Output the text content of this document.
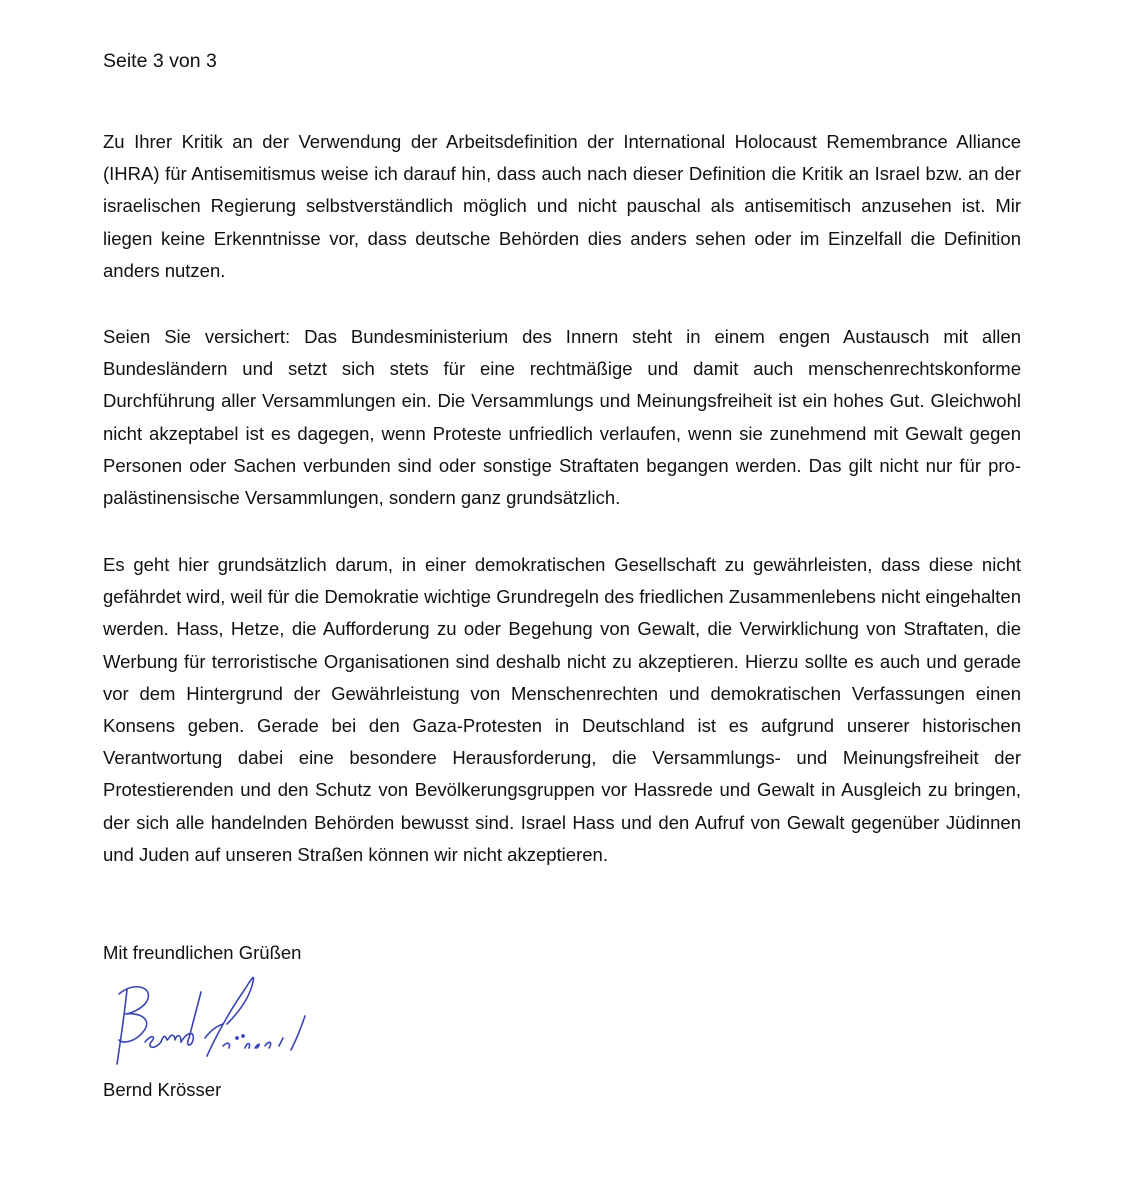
Seite 3 von 3

Zu Ihrer Kritik an der Verwendung der Arbeitsdefinition der International Holocaust Remembrance Alliance (IHRA) für Antisemitismus weise ich darauf hin, dass auch nach dieser Definition die Kritik an Israel bzw. an der israelischen Regierung selbstverständlich möglich und nicht pauschal als antisemitisch anzusehen ist. Mir liegen keine Erkenntnisse vor, dass deutsche Behörden dies anders sehen oder im Einzelfall die Definition anders nutzen.

Seien Sie versichert: Das Bundesministerium des Innern steht in einem engen Austausch mit allen Bundesländern und setzt sich stets für eine rechtmäßige und damit auch menschenrechtskonforme Durchführung aller Versammlungen ein. Die Versammlungs und Meinungsfreiheit ist ein hohes Gut. Gleichwohl nicht akzeptabel ist es dagegen, wenn Proteste unfriedlich verlaufen, wenn sie zunehmend mit Gewalt gegen Personen oder Sachen verbunden sind oder sonstige Straftaten begangen werden. Das gilt nicht nur für pro-palästinensische Versammlungen, sondern ganz grundsätzlich.

Es geht hier grundsätzlich darum, in einer demokratischen Gesellschaft zu gewährleisten, dass diese nicht gefährdet wird, weil für die Demokratie wichtige Grundregeln des friedlichen Zusammenlebens nicht eingehalten werden. Hass, Hetze, die Aufforderung zu oder Begehung von Gewalt, die Verwirklichung von Straftaten, die Werbung für terroristische Organisationen sind deshalb nicht zu akzeptieren. Hierzu sollte es auch und gerade vor dem Hintergrund der Gewährleistung von Menschenrechten und demokratischen Verfassungen einen Konsens geben. Gerade bei den Gaza-Protesten in Deutschland ist es aufgrund unserer historischen Verantwortung dabei eine besondere Herausforderung, die Versammlungs- und Meinungsfreiheit der Protestierenden und den Schutz von Bevölkerungsgruppen vor Hassrede und Gewalt in Ausgleich zu bringen, der sich alle handelnden Behörden bewusst sind. Israel Hass und den Aufruf von Gewalt gegenüber Jüdinnen und Juden auf unseren Straßen können wir nicht akzeptieren.

Mit freundlichen Grüßen

Bernd Krösser
